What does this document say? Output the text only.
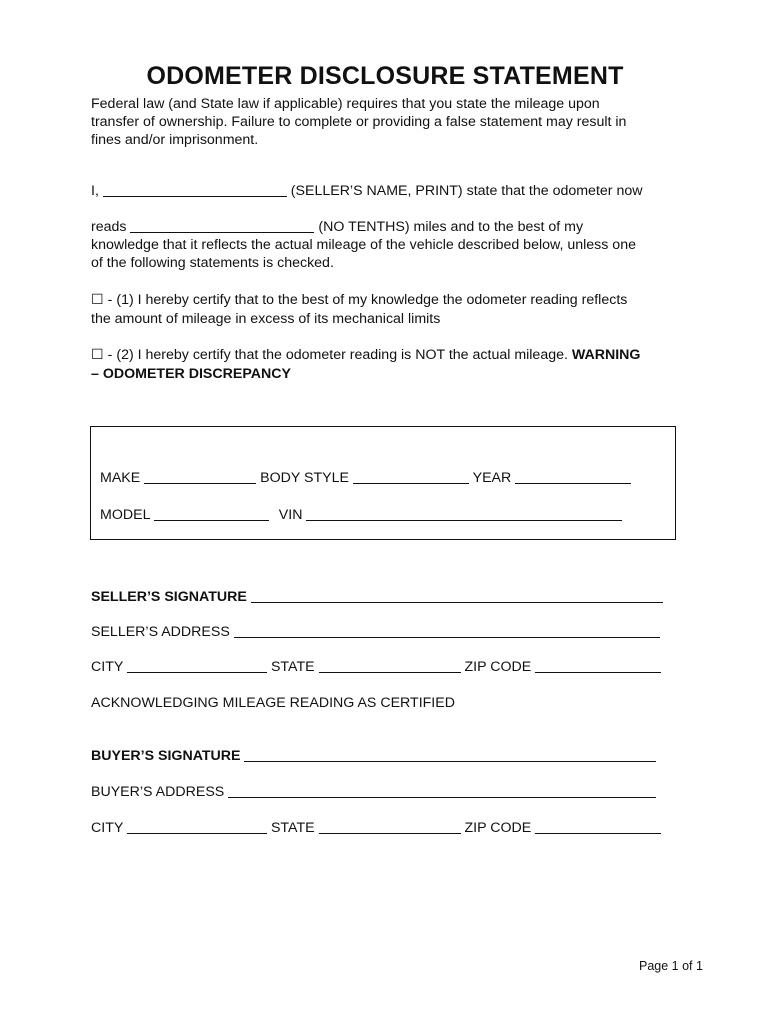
ODOMETER DISCLOSURE STATEMENT
Federal law (and State law if applicable) requires that you state the mileage upon
transfer of ownership. Failure to complete or providing a false statement may result in
fines and/or imprisonment.
I,	(SELLER’S NAME, PRINT) state that the odometer now
reads	(NO TENTHS) miles and to the best of my
knowledge that it reflects the actual mileage of the vehicle described below, unless one
of the following statements is checked.
☐ - (1) I hereby certify that to the best of my knowledge the odometer reading reflects
the amount of mileage in excess of its mechanical limits
☐ - (2) I hereby certify that the odometer reading is NOT the actual mileage. WARNING
– ODOMETER DISCREPANCY
MAKE	BODY STYLE	YEAR
MODEL	VIN
SELLER’S SIGNATURE
SELLER’S ADDRESS
CITY	STATE	ZIP CODE
ACKNOWLEDGING MILEAGE READING AS CERTIFIED
BUYER’S SIGNATURE
BUYER’S ADDRESS
CITY	STATE	ZIP CODE
Page 1 of 1
